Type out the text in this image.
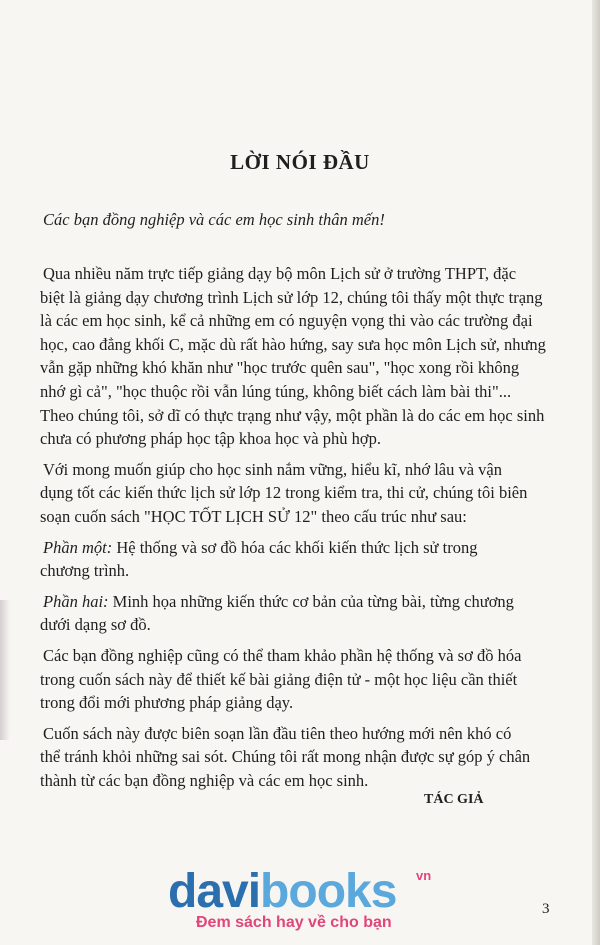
LỜI NÓI ĐẦU
Các bạn đồng nghiệp và các em học sinh thân mến!

Qua nhiều năm trực tiếp giảng dạy bộ môn Lịch sử ở trường THPT, đặc
biệt là giảng dạy chương trình Lịch sử lớp 12, chúng tôi thấy một thực trạng
là các em học sinh, kể cả những em có nguyện vọng thi vào các trường đại
học, cao đẳng khối C, mặc dù rất hào hứng, say sưa học môn Lịch sử, nhưng
vẫn gặp những khó khăn như "học trước quên sau", "học xong rồi không
nhớ gì cả", "học thuộc rồi vẫn lúng túng, không biết cách làm bài thi"...
Theo chúng tôi, sở dĩ có thực trạng như vậy, một phần là do các em học sinh
chưa có phương pháp học tập khoa học và phù hợp.

Với mong muốn giúp cho học sinh nắm vững, hiểu kĩ, nhớ lâu và vận
dụng tốt các kiến thức lịch sử lớp 12 trong kiểm tra, thi cử, chúng tôi biên
soạn cuốn sách "HỌC TỐT LỊCH SỬ 12" theo cấu trúc như sau:

Phần một: Hệ thống và sơ đồ hóa các khối kiến thức lịch sử trong
chương trình.

Phần hai: Minh họa những kiến thức cơ bản của từng bài, từng chương
dưới dạng sơ đồ.

Các bạn đồng nghiệp cũng có thể tham khảo phần hệ thống và sơ đồ hóa
trong cuốn sách này để thiết kế bài giảng điện tử - một học liệu cần thiết
trong đổi mới phương pháp giảng dạy.

Cuốn sách này được biên soạn lần đầu tiên theo hướng mới nên khó có
thể tránh khỏi những sai sót. Chúng tôi rất mong nhận được sự góp ý chân
thành từ các bạn đồng nghiệp và các em học sinh.

TÁC GIẢ
davibooks vn
Đem sách hay về cho bạn
3
